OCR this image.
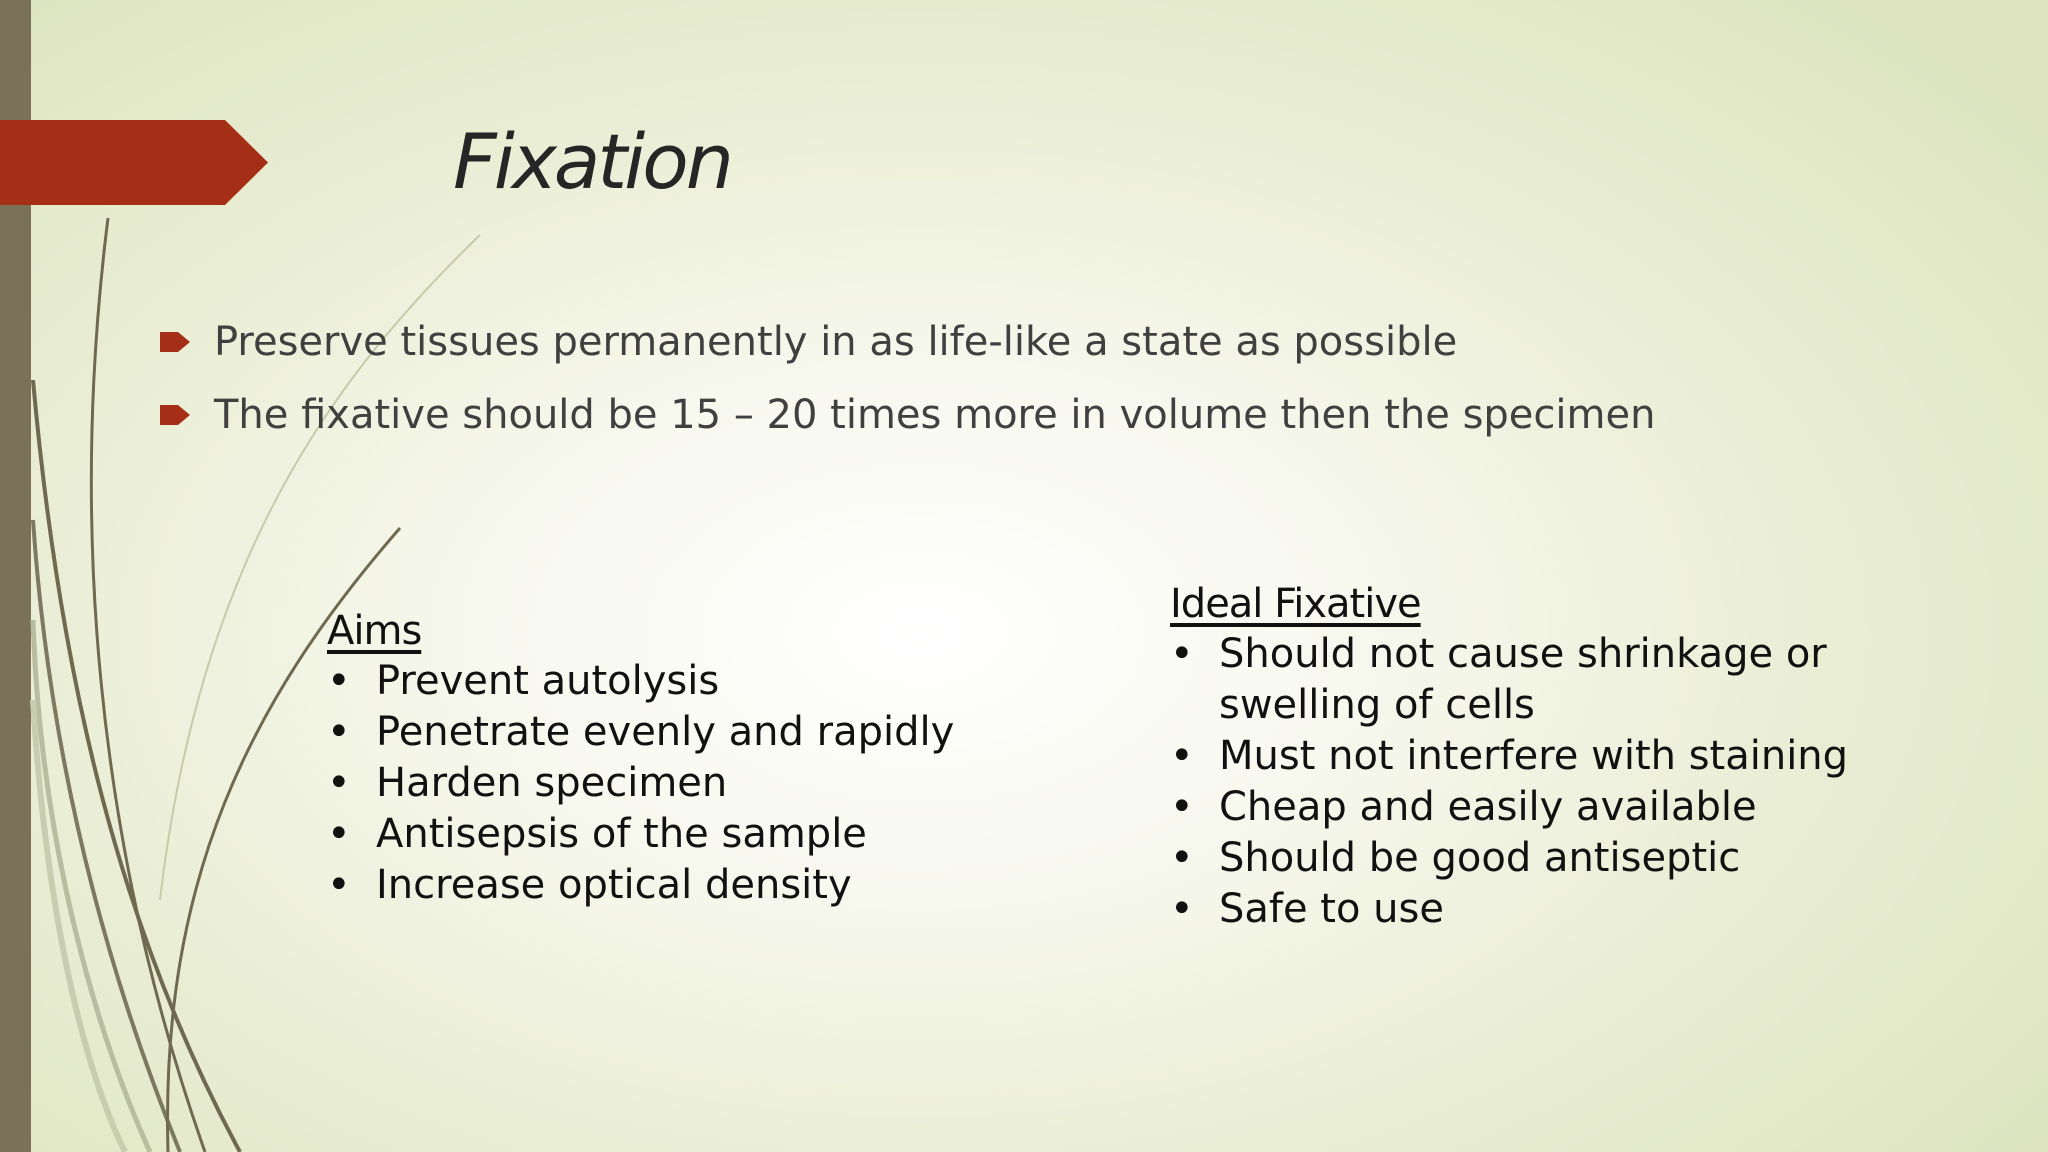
Fixation
Preserve tissues permanently in as life-like a state as possible
The fixative should be 15 – 20 times more in volume then the specimen
Aims
• Prevent autolysis
• Penetrate evenly and rapidly
• Harden specimen
• Antisepsis of the sample
• Increase optical density
Ideal Fixative
• Should not cause shrinkage or
swelling of cells
• Must not interfere with staining
• Cheap and easily available
• Should be good antiseptic
• Safe to use
